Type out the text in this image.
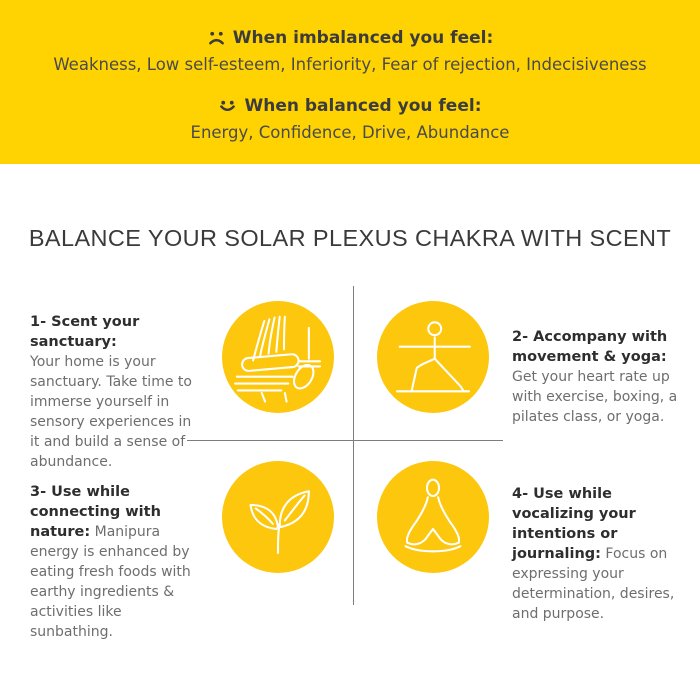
When imbalanced you feel:
Weakness, Low self-esteem, Inferiority, Fear of rejection, Indecisiveness
When balanced you feel:
Energy, Confidence, Drive, Abundance
BALANCE YOUR SOLAR PLEXUS CHAKRA WITH SCENT

1- Scent your sanctuary:
Your home is your sanctuary. Take time to immerse yourself in sensory experiences in it and build a sense of abundance.

2- Accompany with movement & yoga:
Get your heart rate up with exercise, boxing, a pilates class, or yoga.

3- Use while connecting with nature: Manipura energy is enhanced by eating fresh foods with earthy ingredients & activities like sunbathing.

4- Use while vocalizing your intentions or journaling: Focus on expressing your determination, desires, and purpose.
